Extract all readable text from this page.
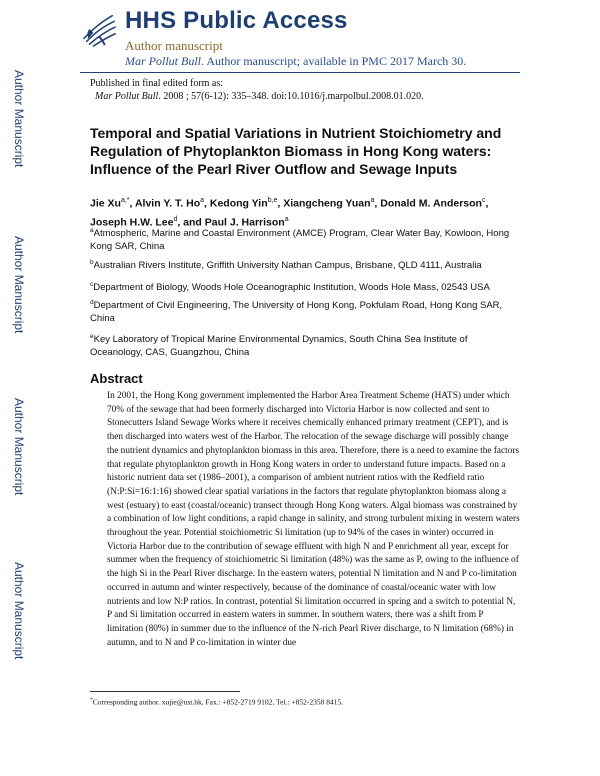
HHS Public Access
Author manuscript
Mar Pollut Bull. Author manuscript; available in PMC 2017 March 30.
Published in final edited form as:
Mar Pollut Bull. 2008 ; 57(6-12): 335–348. doi:10.1016/j.marpolbul.2008.01.020.
Author Manuscript
Author Manuscript
Author Manuscript
Author Manuscript
Temporal and Spatial Variations in Nutrient Stoichiometry and Regulation of Phytoplankton Biomass in Hong Kong waters: Influence of the Pearl River Outflow and Sewage Inputs
Jie $Xu^{a,*}$, Alvin Y. T. Ho$^a$, Kedong Yin$^{b,e}$, Xiangcheng Yuan$^a$, Donald M. Anderson$^c$, Joseph H.W. Lee$^d$, and Paul J. Harrison$^a$
$^a$Atmospheric, Marine and Coastal Environment (AMCE) Program, Clear Water Bay, Kowloon, Hong Kong SAR, China
$^b$Australian Rivers Institute, Griffith University Nathan Campus, Brisbane, QLD 4111, Australia
$^c$Department of Biology, Woods Hole Oceanographic Institution, Woods Hole Mass, 02543 USA
$^d$Department of Civil Engineering, The University of Hong Kong, Pokfulam Road, Hong Kong SAR, China
$^e$Key Laboratory of Tropical Marine Environmental Dynamics, South China Sea Institute of Oceanology, CAS, Guangzhou, China
Abstract
In 2001, the Hong Kong government implemented the Harbor Area Treatment Scheme (HATS) under which 70% of the sewage that had been formerly discharged into Victoria Harbor is now collected and sent to Stonecutters Island Sewage Works where it receives chemically enhanced primary treatment (CEPT), and is then discharged into waters west of the Harbor. The relocation of the sewage discharge will possibly change the nutrient dynamics and phytoplankton biomass in this area. Therefore, there is a need to examine the factors that regulate phytoplankton growth in Hong Kong waters in order to understand future impacts. Based on a historic nutrient data set (1986–2001), a comparison of ambient nutrient ratios with the Redfield ratio (N:P:Si=16:1:16) showed clear spatial variations in the factors that regulate phytoplankton biomass along a west (estuary) to east (coastal/oceanic) transect through Hong Kong waters. Algal biomass was constrained by a combination of low light conditions, a rapid change in salinity, and strong turbulent mixing in western waters throughout the year. Potential stoichiometric Si limitation (up to 94% of the cases in winter) occurred in Victoria Harbor due to the contribution of sewage effluent with high N and P enrichment all year, except for summer when the frequency of stoichiometric Si limitation (48%) was the same as P, owing to the influence of the high Si in the Pearl River discharge. In the eastern waters, potential N limitation and N and P co-limitation occurred in autumn and winter respectively, because of the dominance of coastal/oceanic water with low nutrients and low N:P ratios. In contrast, potential Si limitation occurred in spring and a switch to potential N, P and Si limitation occurred in eastern waters in summer. In southern waters, there was a shift from P limitation (80%) in summer due to the influence of the N-rich Pearl River discharge, to N limitation (68%) in autumn, and to N and P co-limitation in winter due
*Corresponding author. xujie@ust.hk, Fax.: +852-2719 9102, Tel.: +852-2358 8415.
